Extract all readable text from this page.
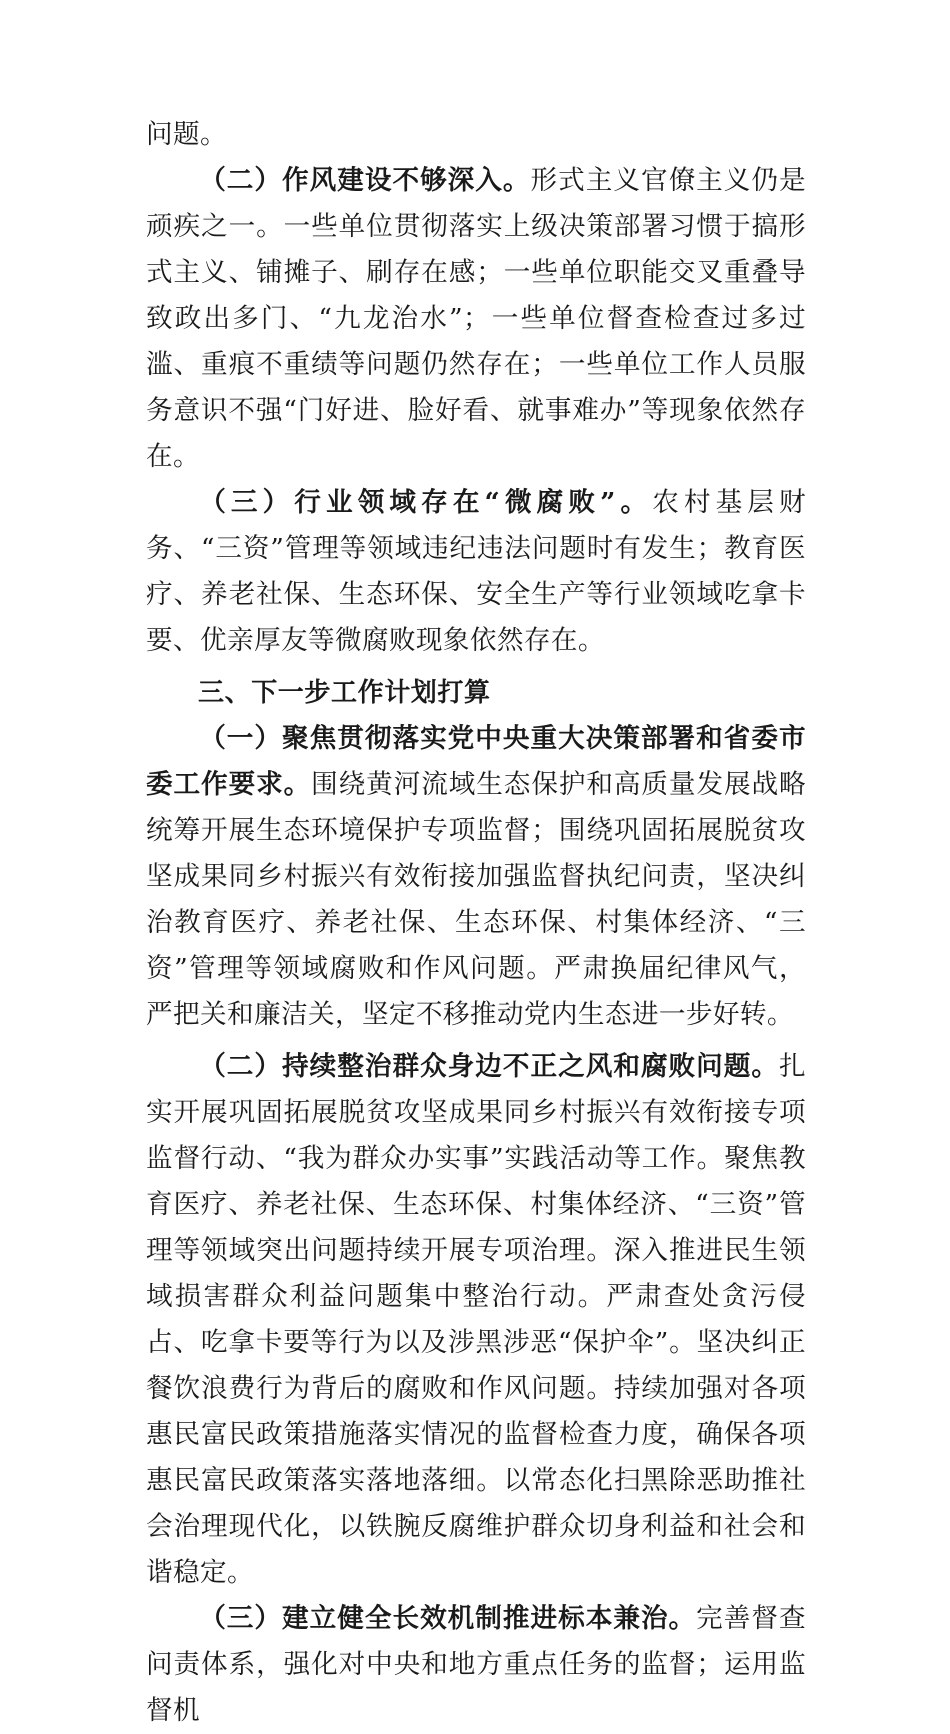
问题。

（二）作风建设不够深入。形式主义官僚主义仍是顽疾之一。一些单位贯彻落实上级决策部署习惯于搞形式主义、铺摊子、刷存在感；一些单位职能交叉重叠导致政出多门、“九龙治水”；一些单位督查检查过多过滥、重痕不重绩等问题仍然存在；一些单位工作人员服务意识不强“门好进、脸好看、就事难办”等现象依然存在。

（三）行业领域存在“微腐败”。农村基层财务、“三资”管理等领域违纪违法问题时有发生；教育医疗、养老社保、生态环保、安全生产等行业领域吃拿卡要、优亲厚友等微腐败现象依然存在。

三、下一步工作计划打算

（一）聚焦贯彻落实党中央重大决策部署和省委市委工作要求。围绕黄河流域生态保护和高质量发展战略统筹开展生态环境保护专项监督；围绕巩固拓展脱贫攻坚成果同乡村振兴有效衔接加强监督执纪问责，坚决纠治教育医疗、养老社保、生态环保、村集体经济、“三资”管理等领域腐败和作风问题。严肃换届纪律风气，严把关和廉洁关，坚定不移推动党内生态进一步好转。

（二）持续整治群众身边不正之风和腐败问题。扎实开展巩固拓展脱贫攻坚成果同乡村振兴有效衔接专项监督行动、“我为群众办实事”实践活动等工作。聚焦教育医疗、养老社保、生态环保、村集体经济、“三资”管理等领域突出问题持续开展专项治理。深入推进民生领域损害群众利益问题集中整治行动。严肃查处贪污侵占、吃拿卡要等行为以及涉黑涉恶“保护伞”。坚决纠正餐饮浪费行为背后的腐败和作风问题。持续加强对各项惠民富民政策措施落实情况的监督检查力度，确保各项惠民富民政策落实落地落细。以常态化扫黑除恶助推社会治理现代化，以铁腕反腐维护群众切身利益和社会和谐稳定。

（三）建立健全长效机制推进标本兼治。完善督查问责体系，强化对中央和地方重点任务的监督；运用监督机
